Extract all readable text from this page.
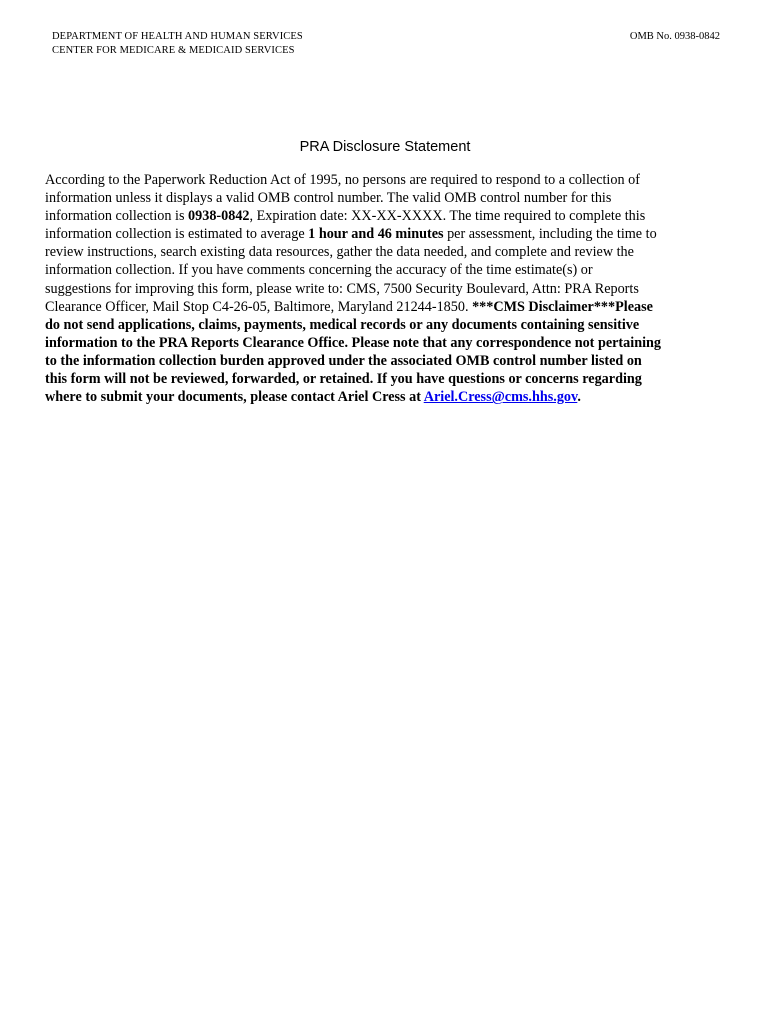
DEPARTMENT OF HEALTH AND HUMAN SERVICES
CENTER FOR MEDICARE & MEDICAID SERVICES
OMB No. 0938-0842
PRA Disclosure Statement
According to the Paperwork Reduction Act of 1995, no persons are required to respond to a collection of
information unless it displays a valid OMB control number. The valid OMB control number for this
information collection is 0938-0842, Expiration date: XX-XX-XXXX. The time required to complete this
information collection is estimated to average 1 hour and 46 minutes per assessment, including the time to
review instructions, search existing data resources, gather the data needed, and complete and review the
information collection. If you have comments concerning the accuracy of the time estimate(s) or
suggestions for improving this form, please write to: CMS, 7500 Security Boulevard, Attn: PRA Reports
Clearance Officer, Mail Stop C4-26-05, Baltimore, Maryland 21244-1850. ***CMS Disclaimer***Please
do not send applications, claims, payments, medical records or any documents containing sensitive
information to the PRA Reports Clearance Office. Please note that any correspondence not pertaining
to the information collection burden approved under the associated OMB control number listed on
this form will not be reviewed, forwarded, or retained. If you have questions or concerns regarding
where to submit your documents, please contact Ariel Cress at Ariel.Cress@cms.hhs.gov.
